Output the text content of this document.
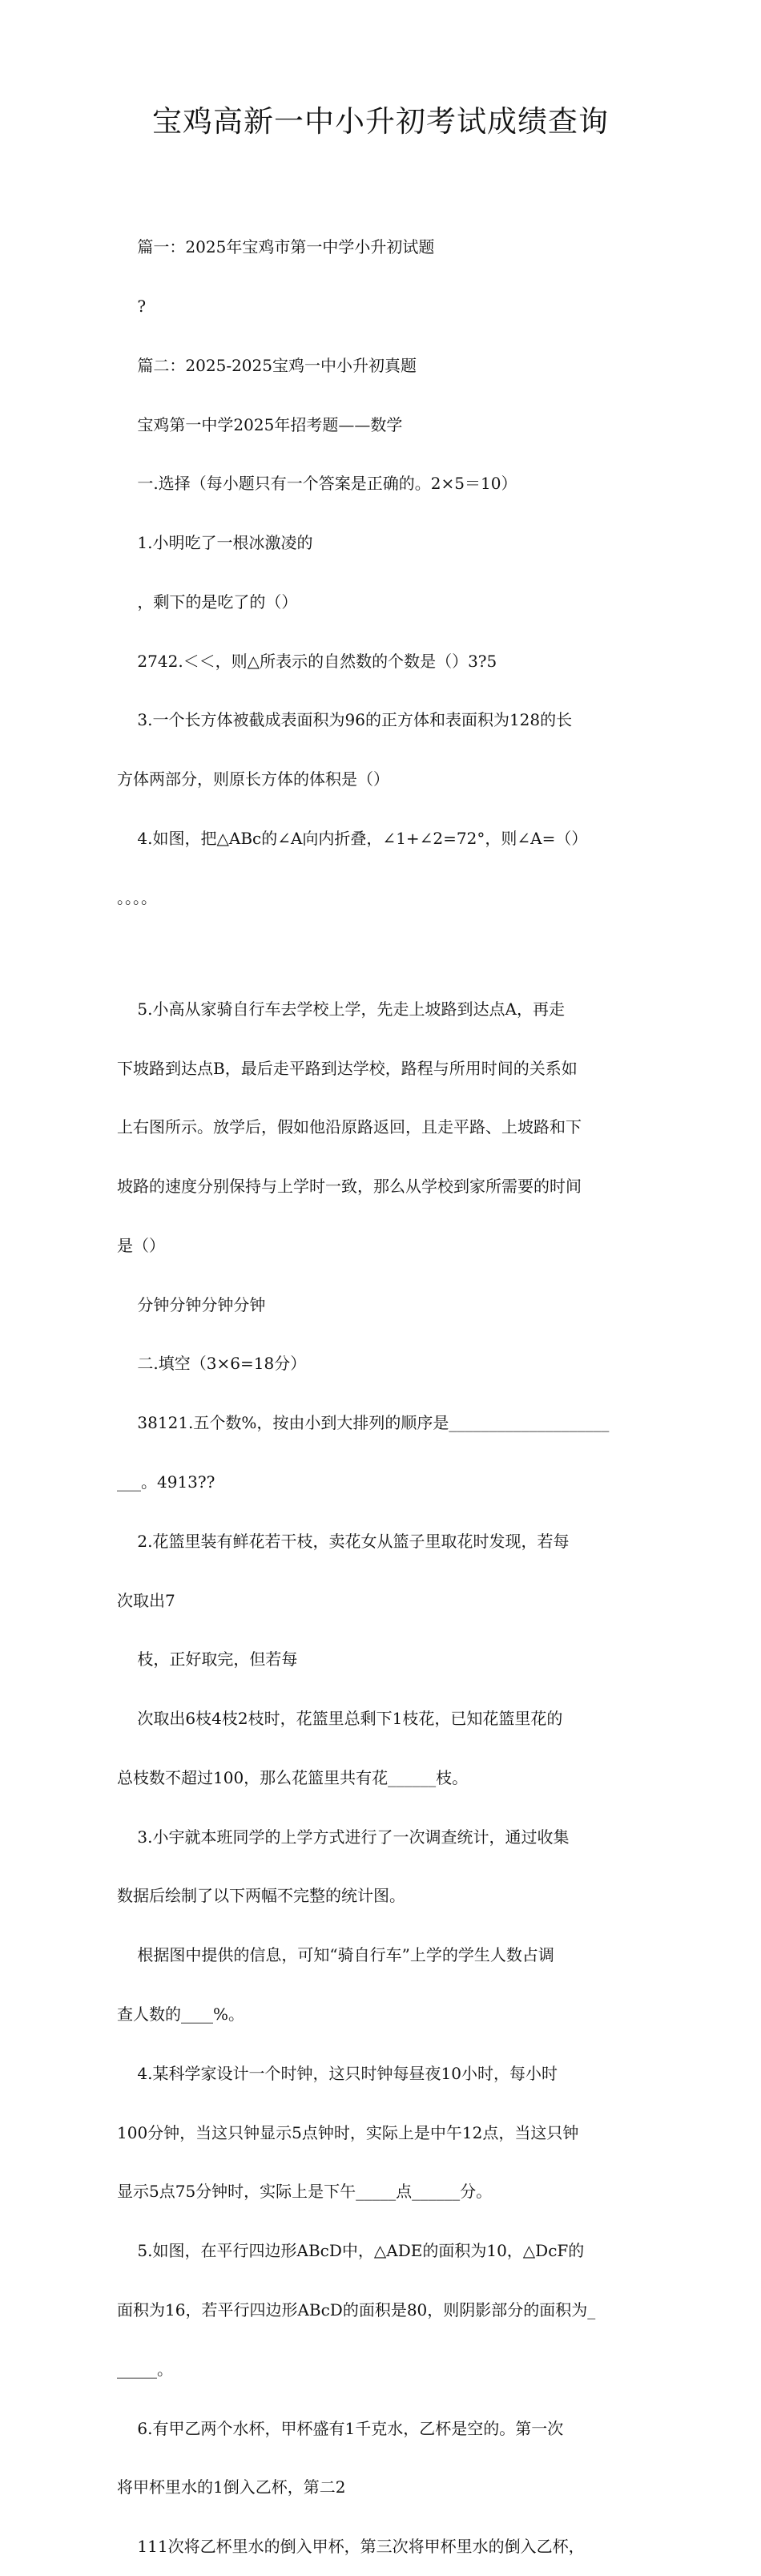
宝鸡高新一中小升初考试成绩查询

篇一：2025年宝鸡市第一中学小升初试题

?

篇二：2025-2025宝鸡一中小升初真题

宝鸡第一中学2025年招考题——数学

一.选择（每小题只有一个答案是正确的。2×5＝10）

1.小明吃了一根冰激凌的

，剩下的是吃了的（）

2742.＜＜，则△所表示的自然数的个数是（）3?5

3.一个长方体被截成表面积为96的正方体和表面积为128的长

方体两部分，则原长方体的体积是（）

4.如图，把△ABc的∠A向内折叠，∠1+∠2=72°，则∠A=（）

。。。。

5.小高从家骑自行车去学校上学，先走上坡路到达点A，再走

下坡路到达点B，最后走平路到达学校，路程与所用时间的关系如

上右图所示。放学后，假如他沿原路返回，且走平路、上坡路和下

坡路的速度分别保持与上学时一致，那么从学校到家所需要的时间

是（）

分钟分钟分钟分钟

二.填空（3×6=18分）

38121.五个数%，按由小到大排列的顺序是____________________

___。4913??

2.花篮里装有鲜花若干枝，卖花女从篮子里取花时发现，若每

次取出7

枝，正好取完，但若每

次取出6枝4枝2枝时，花篮里总剩下1枝花，已知花篮里花的

总枝数不超过100，那么花篮里共有花______枝。

3.小宇就本班同学的上学方式进行了一次调查统计，通过收集

数据后绘制了以下两幅不完整的统计图。

根据图中提供的信息，可知“骑自行车”上学的学生人数占调

查人数的____%。

4.某科学家设计一个时钟，这只时钟每昼夜10小时，每小时

100分钟，当这只钟显示5点钟时，实际上是中午12点，当这只钟

显示5点75分钟时，实际上是下午_____点______分。

5.如图，在平行四边形ABcD中，△ADE的面积为10，△DcF的

面积为16，若平行四边形ABcD的面积是80，则阴影部分的面积为_

_____。

6.有甲乙两个水杯，甲杯盛有1千克水，乙杯是空的。第一次

将甲杯里水的1倒入乙杯，第二2

111次将乙杯里水的倒入甲杯，第三次将甲杯里水的倒入乙杯，
